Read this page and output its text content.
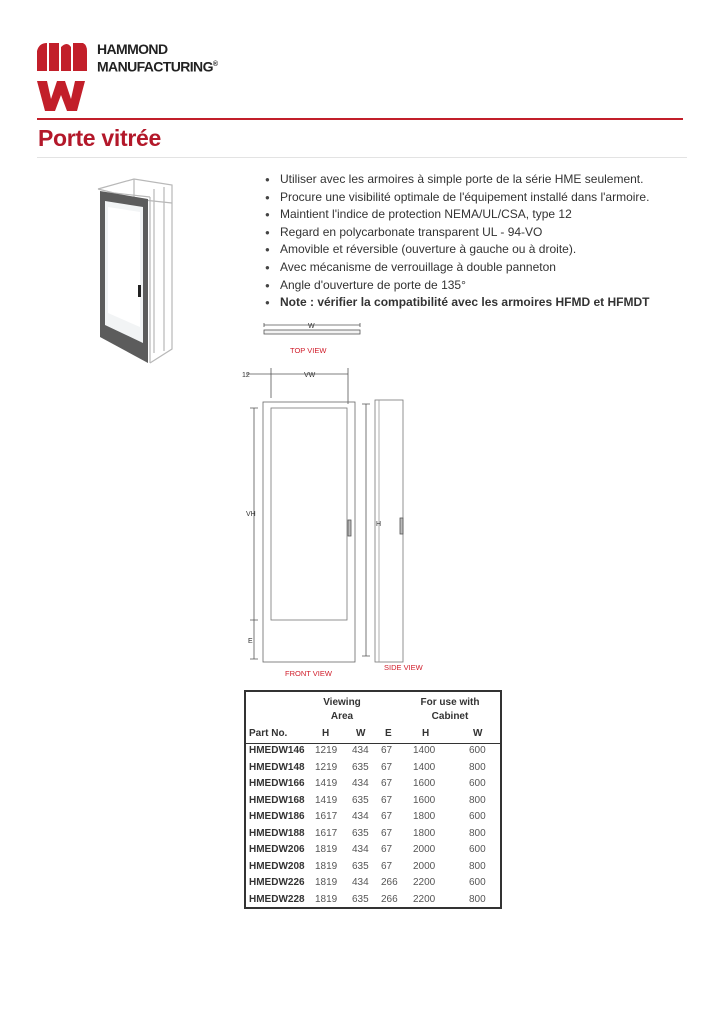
HAMMOND
MANUFACTURING®
Porte vitrée
● Utiliser avec les armoires à simple porte de la série HME seulement.
● Procure une visibilité optimale de l'équipement installé dans l'armoire.
● Maintient l'indice de protection NEMA/UL/CSA, type 12
● Regard en polycarbonate transparent UL - 94-VO
● Amovible et réversible (ouverture à gauche ou à droite).
● Avec mécanisme de verrouillage à double panneton
● Angle d'ouverture de porte de 135°
● Note : vérifier la compatibilité avec les armoires HFMD et HFMDT
W
TOP VIEW
12	VW
VH
E
H
FRONT VIEW
SIDE VIEW
Viewing
Area
For use with
Cabinet
Part No.	H	W E	H	W
HMEDW146 1219 434 67 1400	600
HMEDW148 1219 635 67 1400	800
HMEDW166 1419 434 67 1600	600
HMEDW168 1419 635 67 1600	800
HMEDW186 1617 434 67 1800	600
HMEDW188 1617 635 67 1800	800
HMEDW206 1819 434 67 2000	600
HMEDW208 1819 635 67 2000	800
HMEDW226 1819 434 266 2200	600
HMEDW228 1819 635 266 2200	800
